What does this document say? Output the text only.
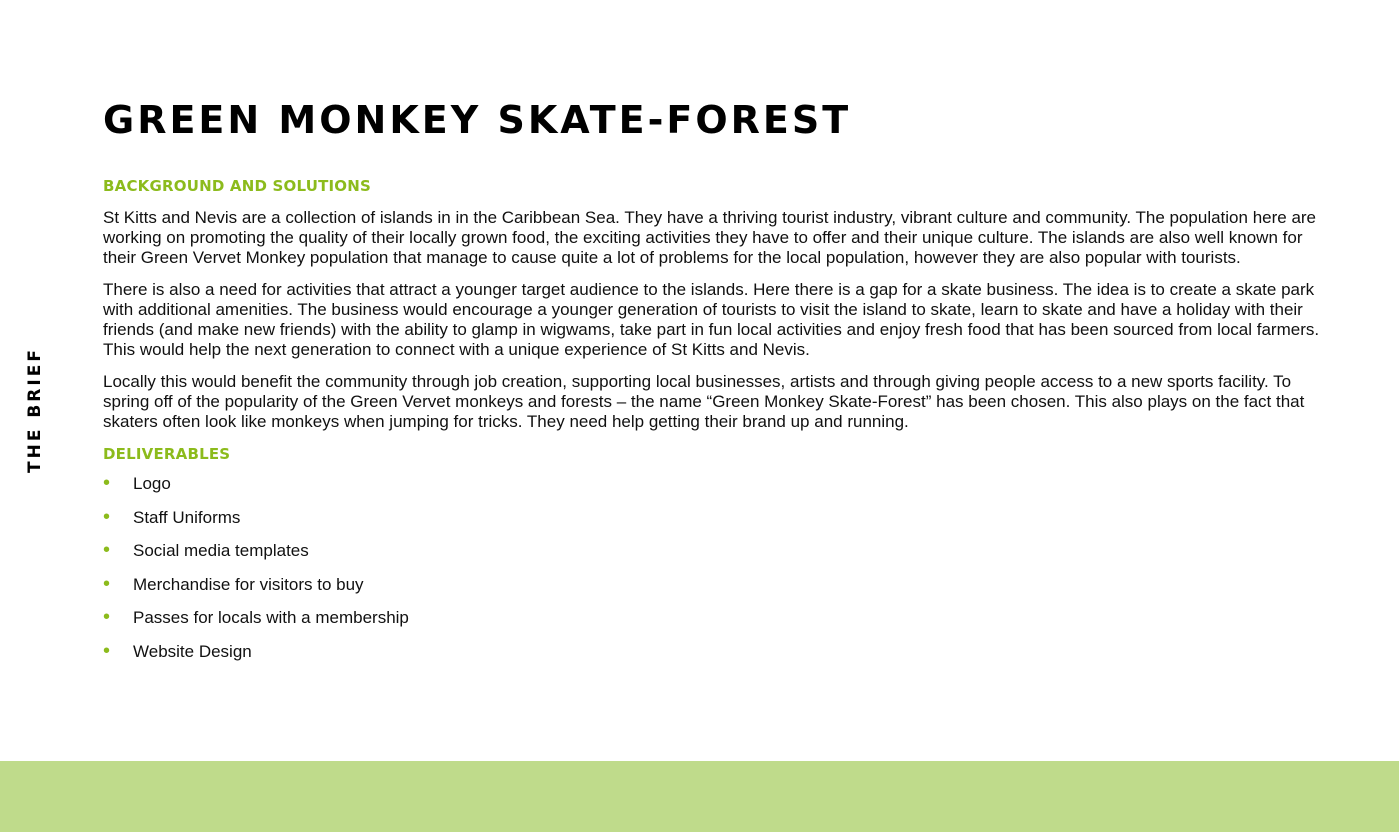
THE BRIEF
GREEN MONKEY SKATE-FOREST
BACKGROUND AND SOLUTIONS

St Kitts and Nevis are a collection of islands in in the Caribbean Sea. They have a thriving tourist industry, vibrant culture and community. The population here are working on promoting the quality of their locally grown food, the exciting activities they have to offer and their unique culture. The islands are also well known for their Green Vervet Monkey population that manage to cause quite a lot of problems for the local population, however they are also popular with tourists.

There is also a need for activities that attract a younger target audience to the islands. Here there is a gap for a skate business. The idea is to create a skate park with additional amenities. The business would encourage a younger generation of tourists to visit the island to skate, learn to skate and have a holiday with their friends (and make new friends) with the ability to glamp in wigwams, take part in fun local activities and enjoy fresh food that has been sourced from local farmers. This would help the next generation to connect with a unique experience of St Kitts and Nevis.

Locally this would benefit the community through job creation, supporting local businesses, artists and through giving people access to a new sports facility. To spring off of the popularity of the Green Vervet monkeys and forests – the name “Green Monkey Skate-Forest” has been chosen. This also plays on the fact that skaters often look like monkeys when jumping for tricks. They need help getting their brand up and running.

DELIVERABLES
• Logo
• Staff Uniforms
• Social media templates
• Merchandise for visitors to buy
• Passes for locals with a membership
• Website Design
